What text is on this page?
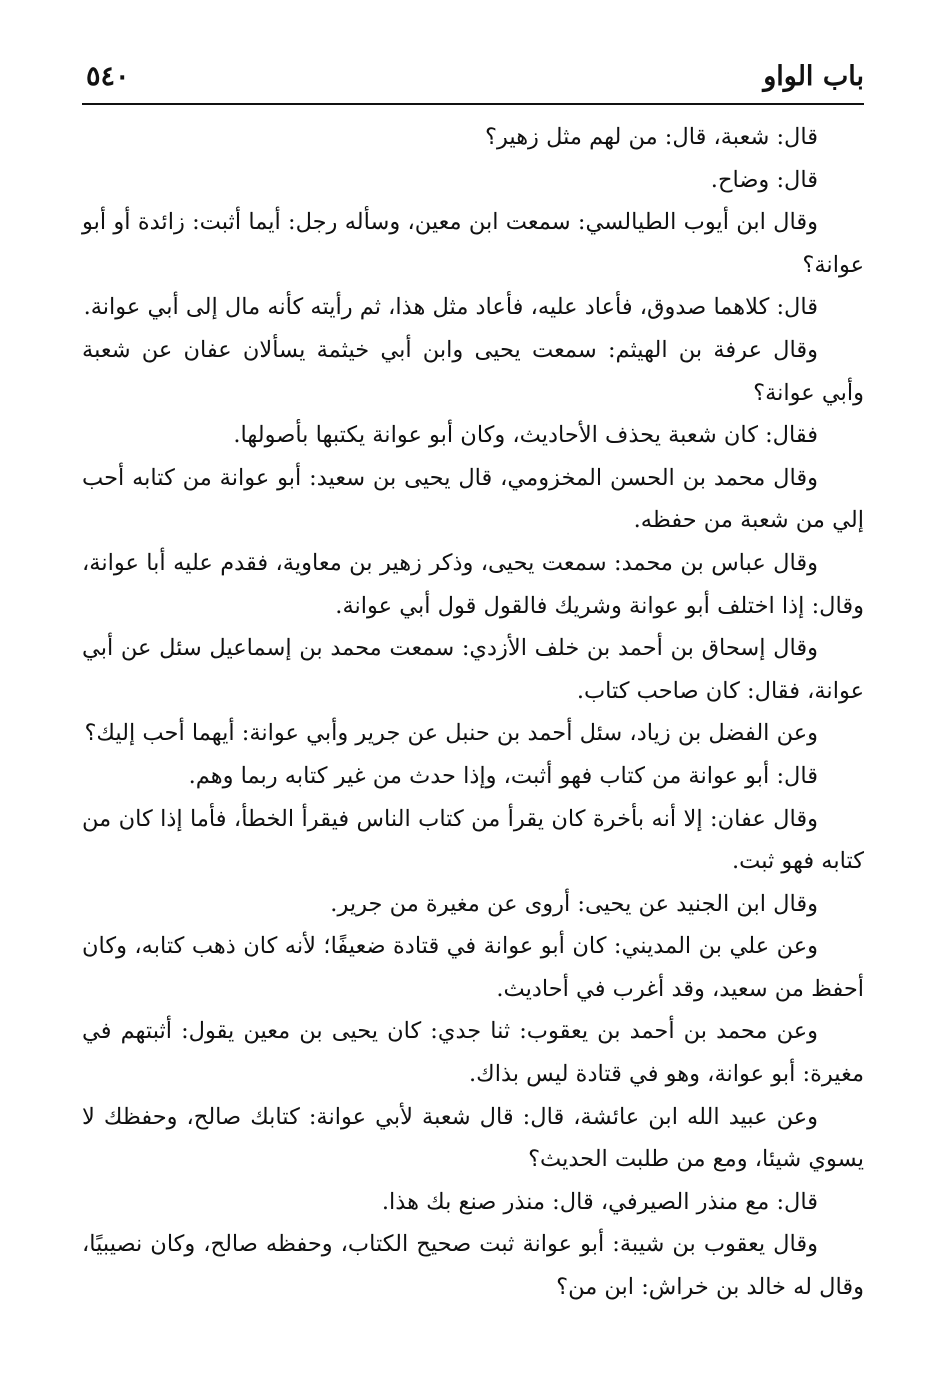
باب الواو
٥٤٠

قال: شعبة، قال: من لهم مثل زهير؟

قال: وضاح.

وقال ابن أيوب الطيالسي: سمعت ابن معين، وسأله رجل: أيما أثبت: زائدة أو أبو عوانة؟

قال: كلاهما صدوق، فأعاد عليه، فأعاد مثل هذا، ثم رأيته كأنه مال إلى أبي عوانة.

وقال عرفة بن الهيثم: سمعت يحيى وابن أبي خيثمة يسألان عفان عن شعبة وأبي عوانة؟

فقال: كان شعبة يحذف الأحاديث، وكان أبو عوانة يكتبها بأصولها.

وقال محمد بن الحسن المخزومي، قال يحيى بن سعيد: أبو عوانة من كتابه أحب إلي من شعبة من حفظه.

وقال عباس بن محمد: سمعت يحيى، وذكر زهير بن معاوية، فقدم عليه أبا عوانة، وقال: إذا اختلف أبو عوانة وشريك فالقول قول أبي عوانة.

وقال إسحاق بن أحمد بن خلف الأزدي: سمعت محمد بن إسماعيل سئل عن أبي عوانة، فقال: كان صاحب كتاب.

وعن الفضل بن زياد، سئل أحمد بن حنبل عن جرير وأبي عوانة: أيهما أحب إليك؟

قال: أبو عوانة من كتاب فهو أثبت، وإذا حدث من غير كتابه ربما وهم.

وقال عفان: إلا أنه بأخرة كان يقرأ من كتاب الناس فيقرأ الخطأ، فأما إذا كان من كتابه فهو ثبت.

وقال ابن الجنيد عن يحيى: أروى عن مغيرة من جرير.

وعن علي بن المديني: كان أبو عوانة في قتادة ضعيفًا؛ لأنه كان ذهب كتابه، وكان أحفظ من سعيد، وقد أغرب في أحاديث.

وعن محمد بن أحمد بن يعقوب: ثنا جدي: كان يحيى بن معين يقول: أثبتهم في مغيرة: أبو عوانة، وهو في قتادة ليس بذاك.

وعن عبيد الله ابن عائشة، قال: قال شعبة لأبي عوانة: كتابك صالح، وحفظك لا يسوي شيئا، ومع من طلبت الحديث؟

قال: مع منذر الصيرفي، قال: منذر صنع بك هذا.

وقال يعقوب بن شيبة: أبو عوانة ثبت صحيح الكتاب، وحفظه صالح، وكان نصيبيًا، وقال له خالد بن خراش: ابن من؟
